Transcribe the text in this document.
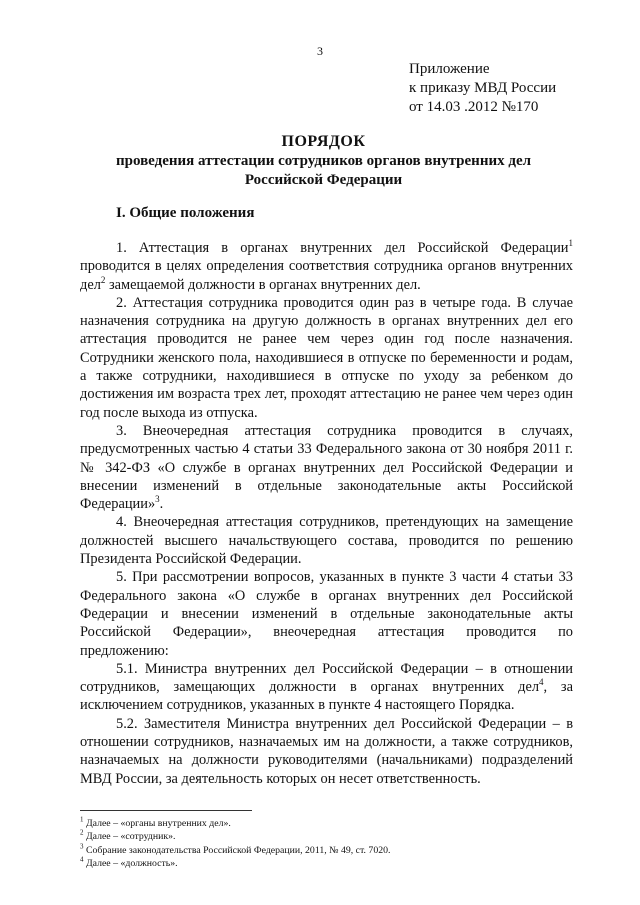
3
Приложение
к приказу МВД России
от 14.03 .2012 №170
ПОРЯДОК
проведения аттестации сотрудников органов внутренних дел
Российской Федерации
I. Общие положения

1. Аттестация в органах внутренних дел Российской Федерации$^1$ проводится в целях определения соответствия сотрудника органов внутренних дел$^2$ замещаемой должности в органах внутренних дел.

2. Аттестация сотрудника проводится один раз в четыре года. В случае назначения сотрудника на другую должность в органах внутренних дел его аттестация проводится не ранее чем через один год после назначения. Сотрудники женского пола, находившиеся в отпуске по беременности и родам, а также сотрудники, находившиеся в отпуске по уходу за ребенком до достижения им возраста трех лет, проходят аттестацию не ранее чем через один год после выхода из отпуска.

3. Внеочередная аттестация сотрудника проводится в случаях, предусмотренных частью 4 статьи 33 Федерального закона от 30 ноября 2011 г. № 342-ФЗ «О службе в органах внутренних дел Российской Федерации и внесении изменений в отдельные законодательные акты Российской Федерации»$^3$.

4. Внеочередная аттестация сотрудников, претендующих на замещение должностей высшего начальствующего состава, проводится по решению Президента Российской Федерации.

5. При рассмотрении вопросов, указанных в пункте 3 части 4 статьи 33 Федерального закона «О службе в органах внутренних дел Российской Федерации и внесении изменений в отдельные законодательные акты Российской Федерации», внеочередная аттестация проводится по предложению:

5.1. Министра внутренних дел Российской Федерации – в отношении сотрудников, замещающих должности в органах внутренних дел$^4$, за исключением сотрудников, указанных в пункте 4 настоящего Порядка.

5.2. Заместителя Министра внутренних дел Российской Федерации – в отношении сотрудников, назначаемых им на должности, а также сотрудников, назначаемых на должности руководителями (начальниками) подразделений МВД России, за деятельность которых он несет ответственность.

$^1$ Далее – «органы внутренних дел».
$^2$ Далее – «сотрудник».
$^3$ Собрание законодательства Российской Федерации, 2011, № 49, ст. 7020.
$^4$ Далее – «должность».
